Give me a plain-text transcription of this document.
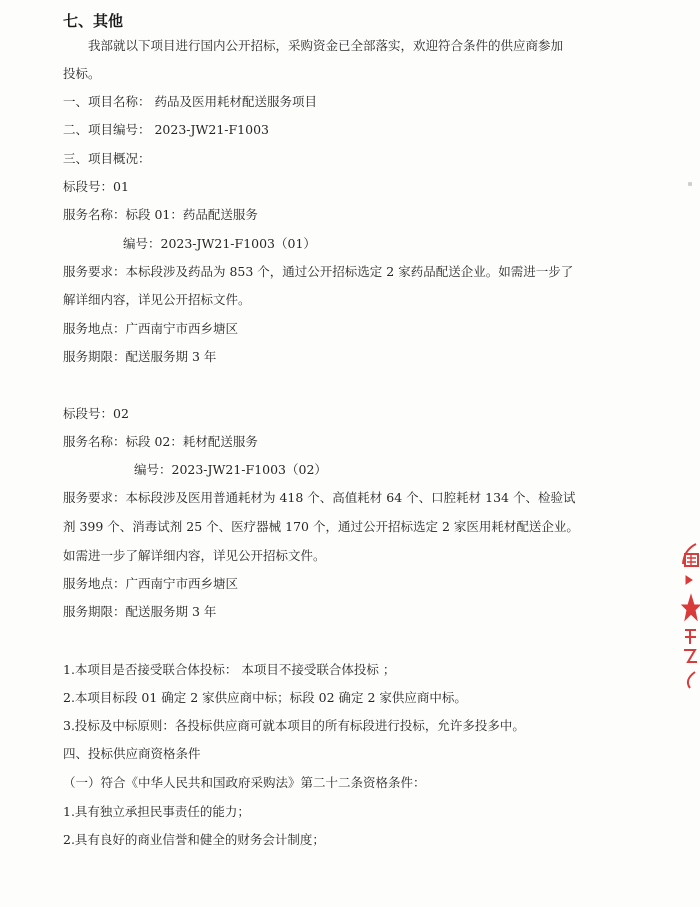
七、其他
我部就以下项目进行国内公开招标，采购资金已全部落实，欢迎符合条件的供应商参加
投标。
一、项目名称： 药品及医用耗材配送服务项目
二、项目编号： 2023-JW21-F1003
三、项目概况：
标段号：01
服务名称：标段 01：药品配送服务
编号：2023-JW21-F1003（01）
服务要求：本标段涉及药品为 853 个，通过公开招标选定 2 家药品配送企业。如需进一步了
解详细内容，详见公开招标文件。
服务地点：广西南宁市西乡塘区
服务期限：配送服务期 3 年
标段号：02
服务名称：标段 02：耗材配送服务
编号：2023-JW21-F1003（02）
服务要求：本标段涉及医用普通耗材为 418 个、高值耗材 64 个、口腔耗材 134 个、检验试
剂 399 个、消毒试剂 25 个、医疗器械 170 个，通过公开招标选定 2 家医用耗材配送企业。
如需进一步了解详细内容，详见公开招标文件。
服务地点：广西南宁市西乡塘区
服务期限：配送服务期 3 年
1.本项目是否接受联合体投标： 本项目不接受联合体投标 ；
2.本项目标段 01 确定 2 家供应商中标；标段 02 确定 2 家供应商中标。
3.投标及中标原则：各投标供应商可就本项目的所有标段进行投标，允许多投多中。
四、投标供应商资格条件
（一）符合《中华人民共和国政府采购法》第二十二条资格条件：
1.具有独立承担民事责任的能力；
2.具有良好的商业信誉和健全的财务会计制度；
